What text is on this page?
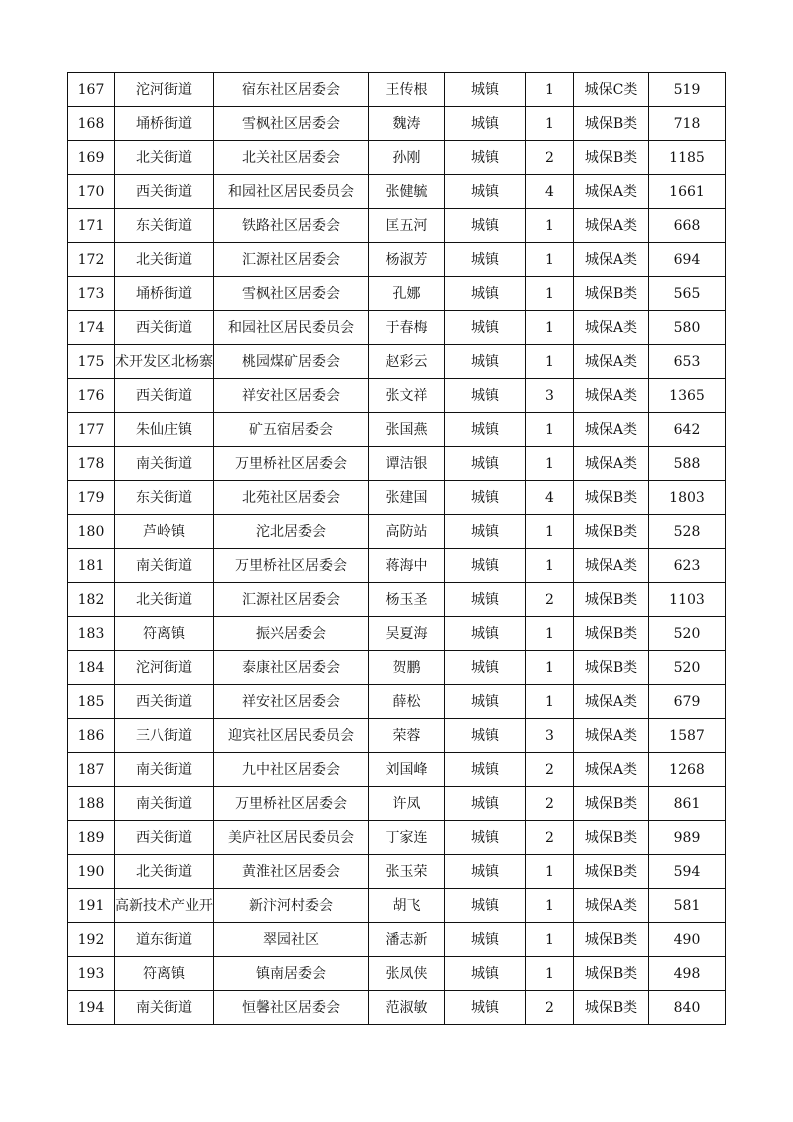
167	沱河街道	宿东社区居委会	王传根	城镇	1	城保C类	519
168	埇桥街道	雪枫社区居委会	魏涛	城镇	1	城保B类	718
169	北关街道	北关社区居委会	孙刚	城镇	2	城保B类	1185
170	西关街道	和园社区居民委员会	张健毓	城镇	4	城保A类	1661
171	东关街道	铁路社区居委会	匡五河	城镇	1	城保A类	668
172	北关街道	汇源社区居委会	杨淑芳	城镇	1	城保A类	694
173	埇桥街道	雪枫社区居委会	孔娜	城镇	1	城保B类	565
174	西关街道	和园社区居民委员会	于春梅	城镇	1	城保A类	580
175	术开发区北杨寨	桃园煤矿居委会	赵彩云	城镇	1	城保A类	653
176	西关街道	祥安社区居委会	张文祥	城镇	3	城保A类	1365
177	朱仙庄镇	矿五宿居委会	张国燕	城镇	1	城保A类	642
178	南关街道	万里桥社区居委会	谭洁银	城镇	1	城保A类	588
179	东关街道	北苑社区居委会	张建国	城镇	4	城保B类	1803
180	芦岭镇	沱北居委会	高防站	城镇	1	城保B类	528
181	南关街道	万里桥社区居委会	蒋海中	城镇	1	城保A类	623
182	北关街道	汇源社区居委会	杨玉圣	城镇	2	城保B类	1103
183	符离镇	振兴居委会	吴夏海	城镇	1	城保B类	520
184	沱河街道	泰康社区居委会	贺鹏	城镇	1	城保B类	520
185	西关街道	祥安社区居委会	薛松	城镇	1	城保A类	679
186	三八街道	迎宾社区居民委员会	荣蓉	城镇	3	城保A类	1587
187	南关街道	九中社区居委会	刘国峰	城镇	2	城保A类	1268
188	南关街道	万里桥社区居委会	许凤	城镇	2	城保B类	861
189	西关街道	美庐社区居民委员会	丁家连	城镇	2	城保B类	989
190	北关街道	黄淮社区居委会	张玉荣	城镇	1	城保B类	594
191	高新技术产业开	新汴河村委会	胡飞	城镇	1	城保A类	581
192	道东街道	翠园社区	潘志新	城镇	1	城保B类	490
193	符离镇	镇南居委会	张凤侠	城镇	1	城保B类	498
194	南关街道	恒馨社区居委会	范淑敏	城镇	2	城保B类	840
